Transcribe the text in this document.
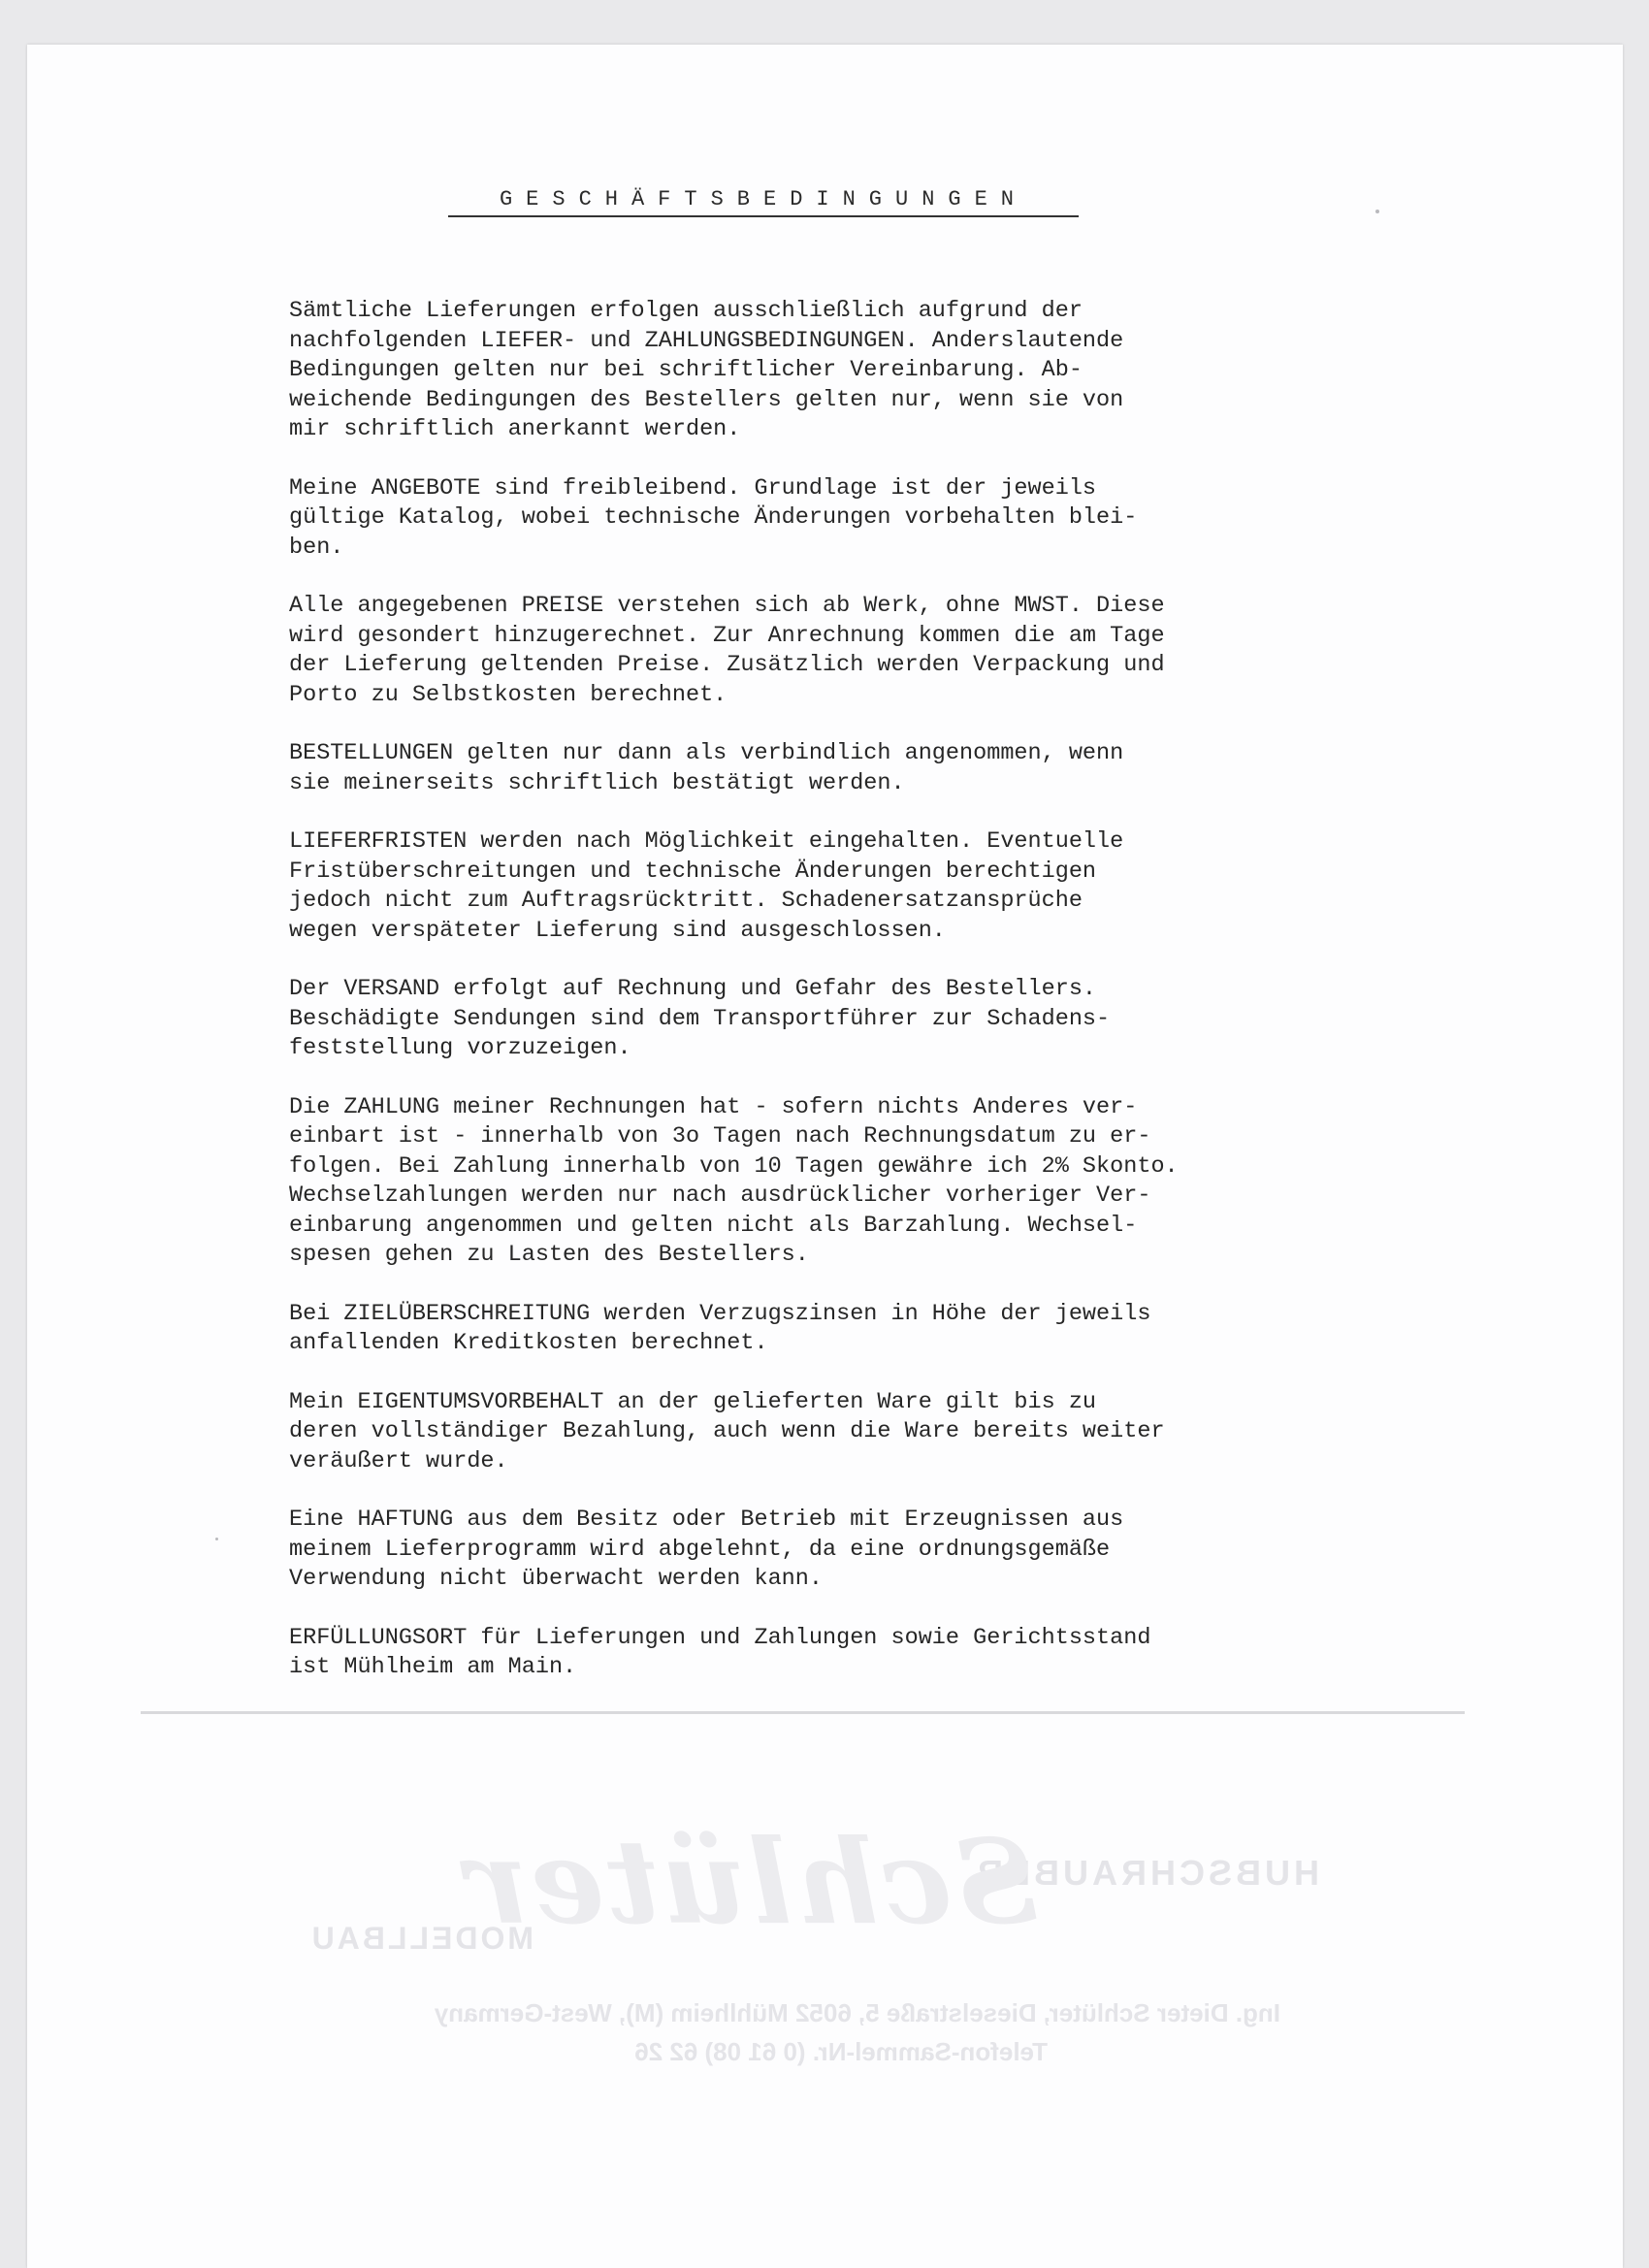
GESCHÄFTSBEDINGUNGEN
Sämtliche Lieferungen erfolgen ausschließlich aufgrund der
nachfolgenden LIEFER- und ZAHLUNGSBEDINGUNGEN. Anderslautende
Bedingungen gelten nur bei schriftlicher Vereinbarung. Ab-
weichende Bedingungen des Bestellers gelten nur, wenn sie von
mir schriftlich anerkannt werden.
Meine ANGEBOTE sind freibleibend. Grundlage ist der jeweils
gültige Katalog, wobei technische Änderungen vorbehalten blei-
ben.
Alle angegebenen PREISE verstehen sich ab Werk, ohne MWST. Diese
wird gesondert hinzugerechnet. Zur Anrechnung kommen die am Tage
der Lieferung geltenden Preise. Zusätzlich werden Verpackung und
Porto zu Selbstkosten berechnet.
BESTELLUNGEN gelten nur dann als verbindlich angenommen, wenn
sie meinerseits schriftlich bestätigt werden.
LIEFERFRISTEN werden nach Möglichkeit eingehalten. Eventuelle
Fristüberschreitungen und technische Änderungen berechtigen
jedoch nicht zum Auftragsrücktritt. Schadenersatzansprüche
wegen verspäteter Lieferung sind ausgeschlossen.
Der VERSAND erfolgt auf Rechnung und Gefahr des Bestellers.
Beschädigte Sendungen sind dem Transportführer zur Schadens-
feststellung vorzuzeigen.
Die ZAHLUNG meiner Rechnungen hat - sofern nichts Anderes ver-
einbart ist - innerhalb von 3o Tagen nach Rechnungsdatum zu er-
folgen. Bei Zahlung innerhalb von 10 Tagen gewähre ich 2% Skonto.
Wechselzahlungen werden nur nach ausdrücklicher vorheriger Ver-
einbarung angenommen und gelten nicht als Barzahlung. Wechsel-
spesen gehen zu Lasten des Bestellers.
Bei ZIELÜBERSCHREITUNG werden Verzugszinsen in Höhe der jeweils
anfallenden Kreditkosten berechnet.
Mein EIGENTUMSVORBEHALT an der gelieferten Ware gilt bis zu
deren vollständiger Bezahlung, auch wenn die Ware bereits weiter
veräußert wurde.
Eine HAFTUNG aus dem Besitz oder Betrieb mit Erzeugnissen aus
meinem Lieferprogramm wird abgelehnt, da eine ordnungsgemäße
Verwendung nicht überwacht werden kann.
ERFÜLLUNGSORT für Lieferungen und Zahlungen sowie Gerichtsstand
ist Mühlheim am Main.
HUBSCHRAUBER
Schlüter
MODELLBAU
Ing. Dieter Schlüter, Dieselstraße 5, 6052 Mühlheim (M), West-Germany
Telefon-Sammel-Nr. (0 61 08) 62 26
